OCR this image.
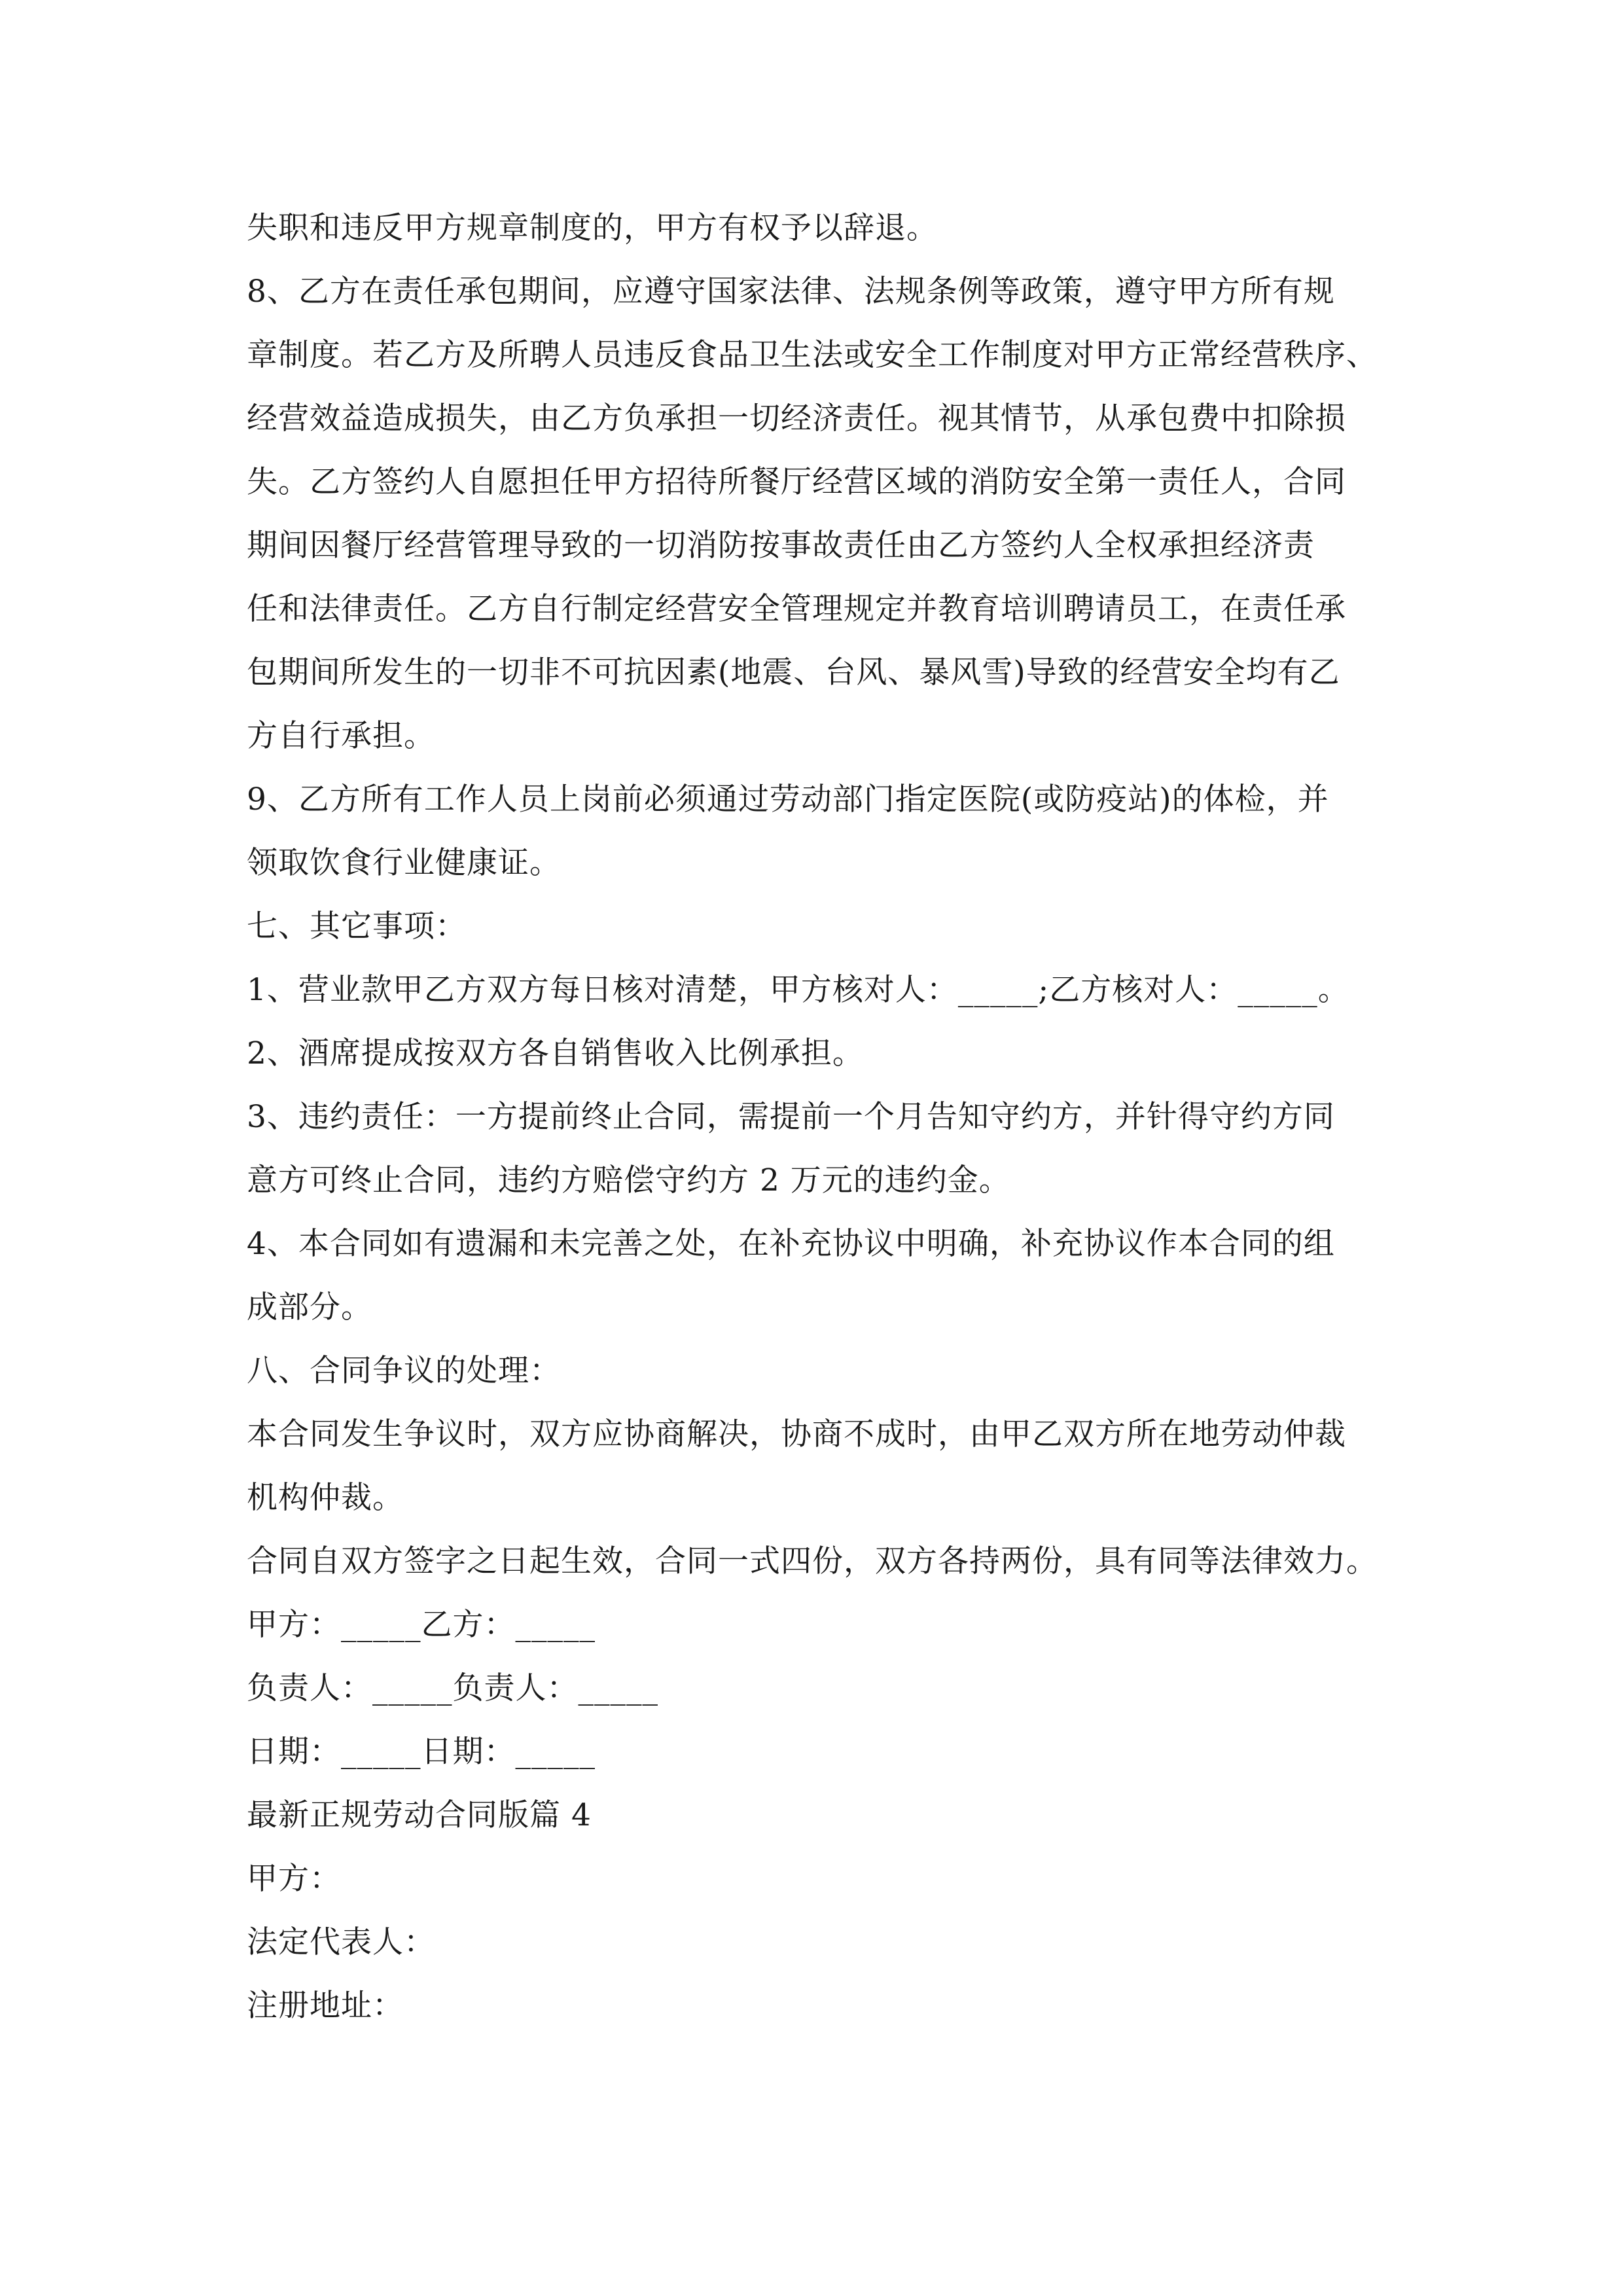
失职和违反甲方规章制度的，甲方有权予以辞退。

8、乙方在责任承包期间，应遵守国家法律、法规条例等政策，遵守甲方所有规

章制度。若乙方及所聘人员违反食品卫生法或安全工作制度对甲方正常经营秩序、

经营效益造成损失，由乙方负承担一切经济责任。视其情节，从承包费中扣除损

失。乙方签约人自愿担任甲方招待所餐厅经营区域的消防安全第一责任人，合同

期间因餐厅经营管理导致的一切消防按事故责任由乙方签约人全权承担经济责

任和法律责任。乙方自行制定经营安全管理规定并教育培训聘请员工，在责任承

包期间所发生的一切非不可抗因素(地震、台风、暴风雪)导致的经营安全均有乙

方自行承担。

9、乙方所有工作人员上岗前必须通过劳动部门指定医院(或防疫站)的体检，并

领取饮食行业健康证。

七、其它事项：

1、营业款甲乙方双方每日核对清楚，甲方核对人：_____;乙方核对人：_____。

2、酒席提成按双方各自销售收入比例承担。

3、违约责任：一方提前终止合同，需提前一个月告知守约方，并针得守约方同

意方可终止合同，违约方赔偿守约方 2 万元的违约金。

4、本合同如有遗漏和未完善之处，在补充协议中明确，补充协议作本合同的组

成部分。

八、合同争议的处理：

本合同发生争议时，双方应协商解决，协商不成时，由甲乙双方所在地劳动仲裁

机构仲裁。

合同自双方签字之日起生效，合同一式四份，双方各持两份，具有同等法律效力。

甲方：_____乙方：_____

负责人：_____负责人：_____

日期：_____日期：_____

最新正规劳动合同版篇 4

甲方：

法定代表人：

注册地址：
